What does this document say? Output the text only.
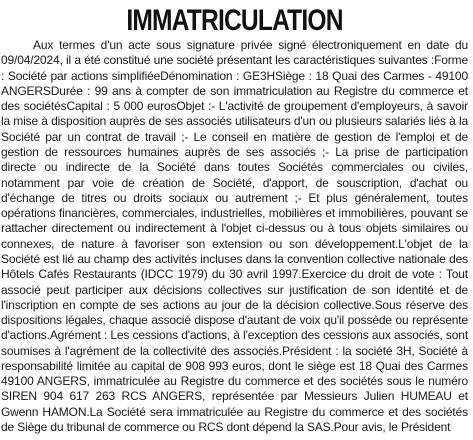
IMMATRICULATION

Aux termes d'un acte sous signature privée signé électroniquement en date du 09/04/2024, il a été constitué une société présentant les caractéristiques suivantes :Forme : Société par actions simplifiéeDénomination : GE3HSiège : 18 Quai des Carmes - 49100 ANGERSDurée : 99 ans à compter de son immatriculation au Registre du commerce et des sociétésCapital : 5 000 eurosObjet :- L'activité de groupement d'employeurs, à savoir la mise à disposition auprès de ses associés utilisateurs d'un ou plusieurs salariés liés à la Société par un contrat de travail ;- Le conseil en matière de gestion de l'emploi et de gestion de ressources humaines auprès de ses associés ;- La prise de participation directe ou indirecte de la Société dans toutes Sociétés commerciales ou civiles, notamment par voie de création de Société, d'apport, de souscription, d'achat ou d'échange de titres ou droits sociaux ou autrement ;- Et plus généralement, toutes opérations financières, commerciales, industrielles, mobilières et immobilières, pouvant se rattacher directement ou indirectement à l'objet ci-dessus ou à tous objets similaires ou connexes, de nature à favoriser son extension ou son développement.L'objet de la Société est lié au champ des activités incluses dans la convention collective nationale des Hôtels Cafés Restaurants (IDCC 1979) du 30 avril 1997.Exercice du droit de vote : Tout associé peut participer aux décisions collectives sur justification de son identité et de l'inscription en compte de ses actions au jour de la décision collective.Sous réserve des dispositions légales, chaque associé dispose d'autant de voix qu'il possède ou représente d'actions.Agrément : Les cessions d'actions, à l'exception des cessions aux associés, sont soumises à l'agrément de la collectivité des associés.Président : la société 3H, Société à responsabilité limitée au capital de 908 993 euros, dont le siège est 18 Quai des Carmes 49100 ANGERS, immatriculée au Registre du commerce et des sociétés sous le numéro SIREN 904 617 263 RCS ANGERS, représentée par Messieurs Julien HUMEAU et Gwenn HAMON.La Société sera immatriculée au Registre du commerce et des sociétés de Siège du tribunal de commerce ou RCS dont dépend la SAS.Pour avis, le Président
